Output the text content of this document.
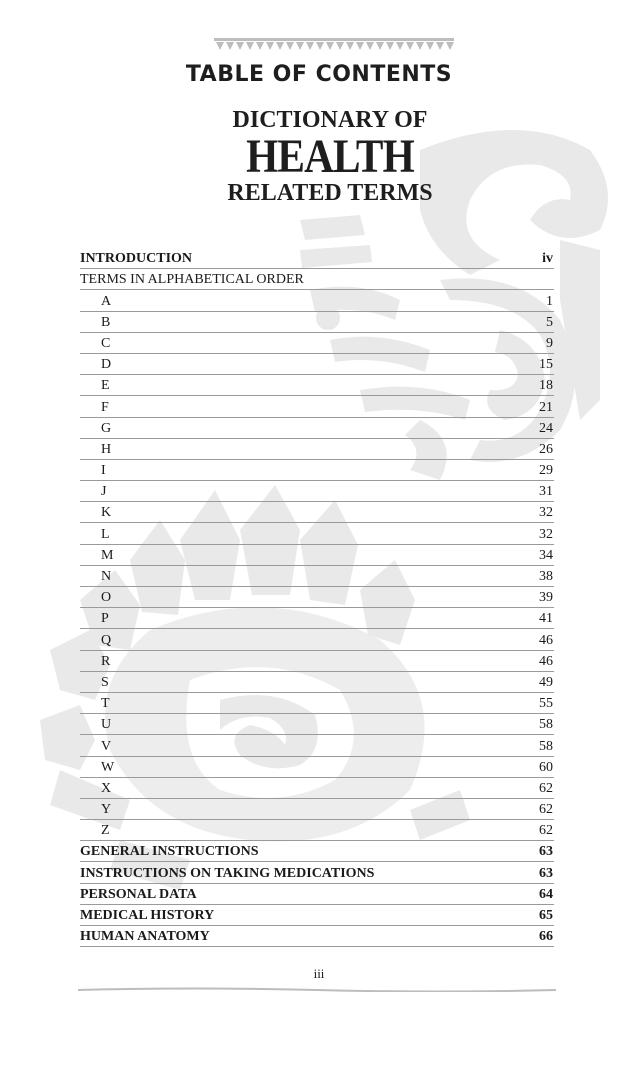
TABLE OF CONTENTS
DICTIONARY OF
HEALTH
RELATED TERMS
INTRODUCTION	iv
TERMS IN ALPHABETICAL ORDER
A	1
B	5
C	9
D	15
E	18
F	21
G	24
H	26
I	29
J	31
K	32
L	32
M	34
N	38
O	39
P	41
Q	46
R	46
S	49
T	55
U	58
V	58
W	60
X	62
Y	62
Z	62
GENERAL INSTRUCTIONS	63
INSTRUCTIONS ON TAKING MEDICATIONS	63
PERSONAL DATA	64
MEDICAL HISTORY	65
HUMAN ANATOMY	66
iii
